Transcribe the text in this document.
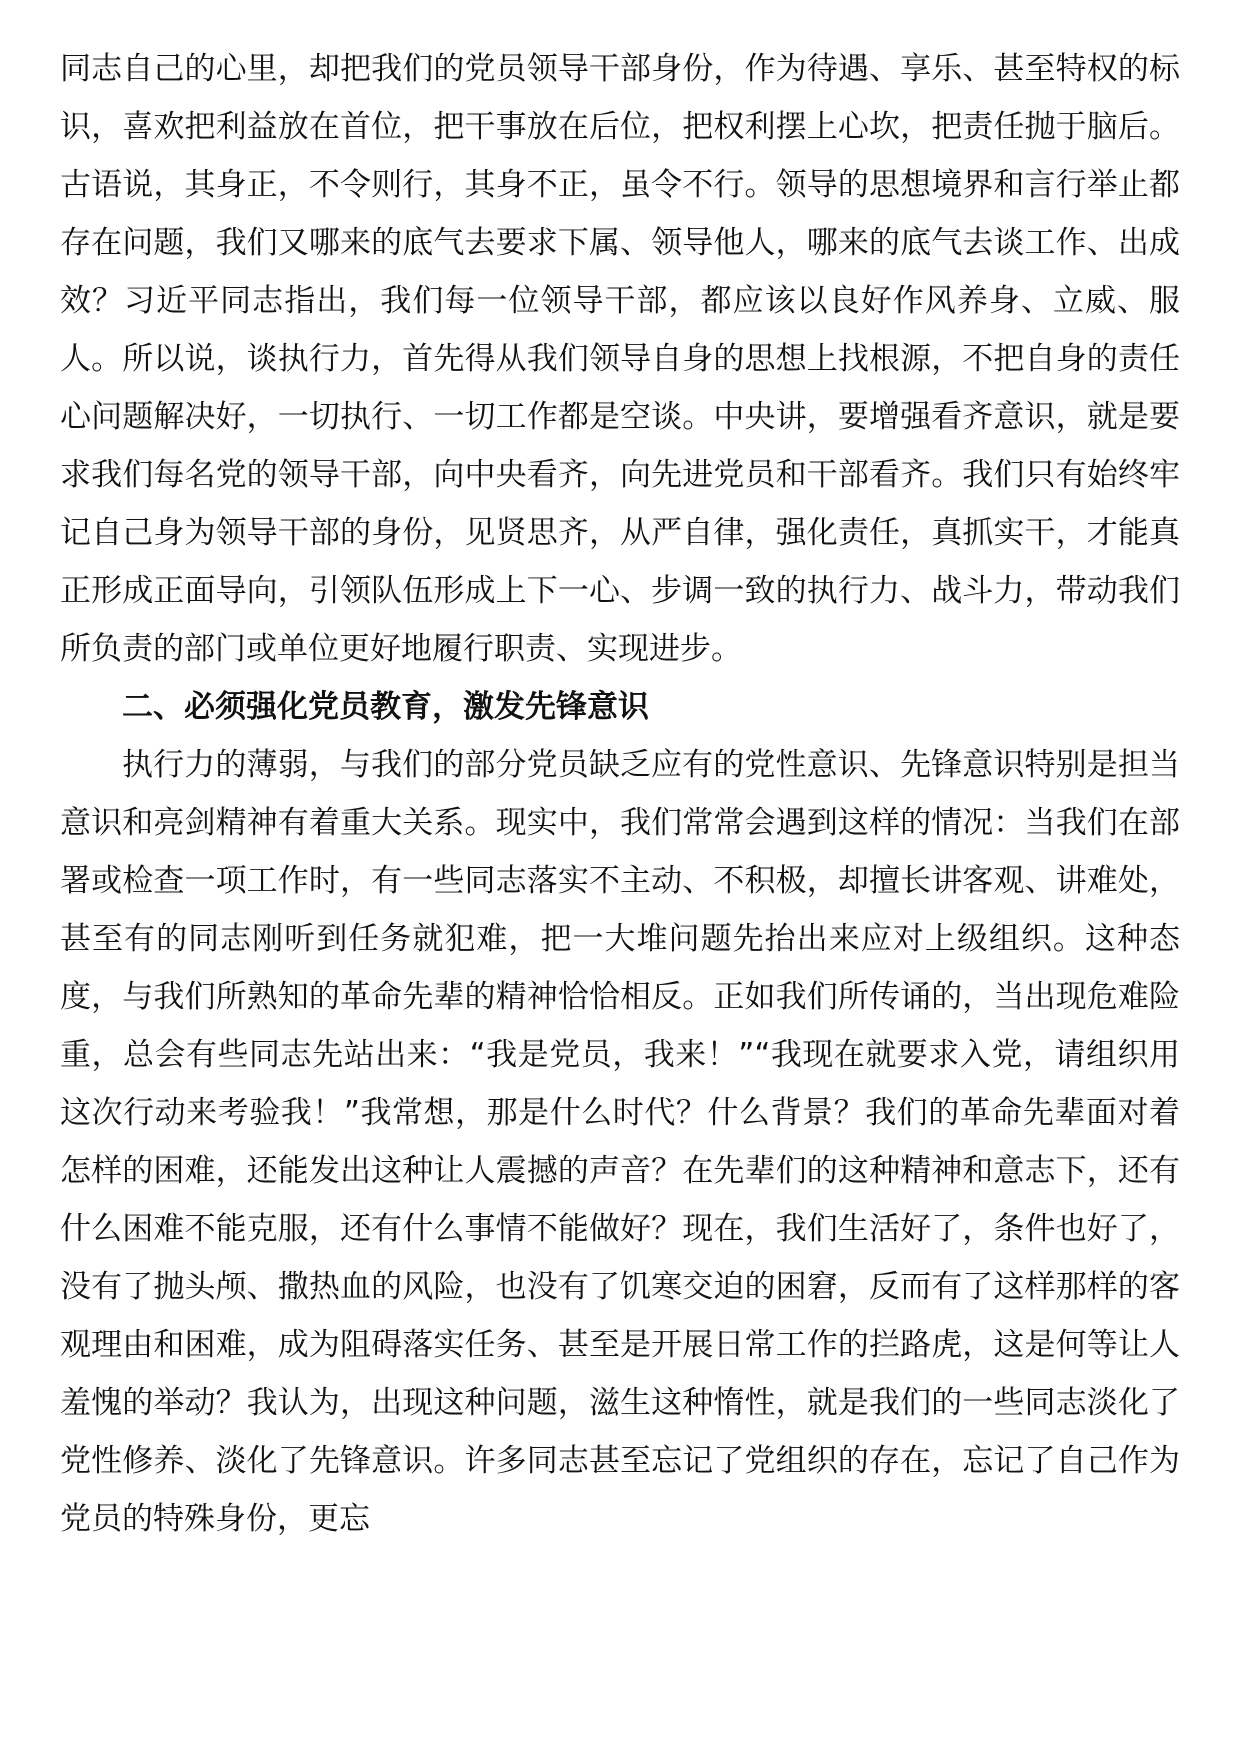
同志自己的心里，却把我们的党员领导干部身份，作为待遇、享乐、甚至特权的标识，喜欢把利益放在首位，把干事放在后位，把权利摆上心坎，把责任抛于脑后。古语说，其身正，不令则行，其身不正，虽令不行。领导的思想境界和言行举止都存在问题，我们又哪来的底气去要求下属、领导他人，哪来的底气去谈工作、出成效？习近平同志指出，我们每一位领导干部，都应该以良好作风养身、立威、服人。所以说，谈执行力，首先得从我们领导自身的思想上找根源，不把自身的责任心问题解决好，一切执行、一切工作都是空谈。中央讲，要增强看齐意识，就是要求我们每名党的领导干部，向中央看齐，向先进党员和干部看齐。我们只有始终牢记自己身为领导干部的身份，见贤思齐，从严自律，强化责任，真抓实干，才能真正形成正面导向，引领队伍形成上下一心、步调一致的执行力、战斗力，带动我们所负责的部门或单位更好地履行职责、实现进步。

二、必须强化党员教育，激发先锋意识

执行力的薄弱，与我们的部分党员缺乏应有的党性意识、先锋意识特别是担当意识和亮剑精神有着重大关系。现实中，我们常常会遇到这样的情况：当我们在部署或检查一项工作时，有一些同志落实不主动、不积极，却擅长讲客观、讲难处，甚至有的同志刚听到任务就犯难，把一大堆问题先抬出来应对上级组织。这种态度，与我们所熟知的革命先辈的精神恰恰相反。正如我们所传诵的，当出现危难险重，总会有些同志先站出来：“我是党员，我来！”“我现在就要求入党，请组织用这次行动来考验我！”我常想，那是什么时代？什么背景？我们的革命先辈面对着怎样的困难，还能发出这种让人震撼的声音？在先辈们的这种精神和意志下，还有什么困难不能克服，还有什么事情不能做好？现在，我们生活好了，条件也好了，没有了抛头颅、撒热血的风险，也没有了饥寒交迫的困窘，反而有了这样那样的客观理由和困难，成为阻碍落实任务、甚至是开展日常工作的拦路虎，这是何等让人羞愧的举动？我认为，出现这种问题，滋生这种惰性，就是我们的一些同志淡化了党性修养、淡化了先锋意识。许多同志甚至忘记了党组织的存在，忘记了自己作为党员的特殊身份，更忘
